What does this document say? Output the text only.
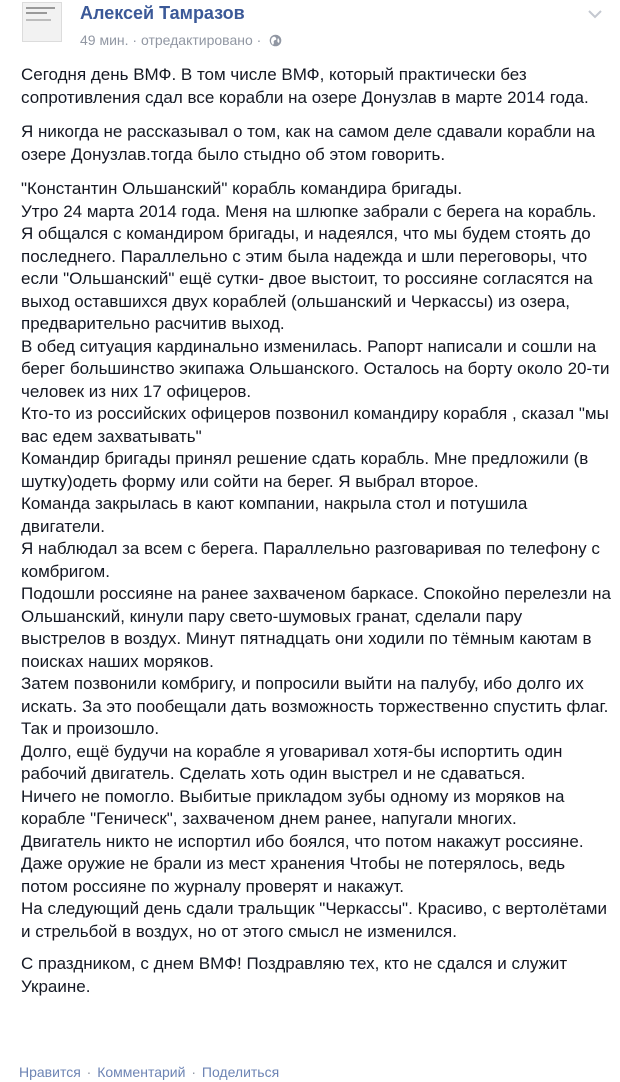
Алексей Тамразов
49 мин. · отредактировано ·

Сегодня день ВМФ. В том числе ВМФ, который практически без сопротивления сдал все корабли на озере Донузлав в марте 2014 года.

Я никогда не рассказывал о том, как на самом деле сдавали корабли на озере Донузлав.тогда было стыдно об этом говорить.

"Константин Ольшанский" корабль командира бригады.
Утро 24 марта 2014 года. Меня на шлюпке забрали с берега на корабль. Я общался с командиром бригады, и надеялся, что мы будем стоять до последнего. Параллельно с этим была надежда и шли переговоры, что если "Ольшанский" ещё сутки- двое выстоит, то россияне согласятся на выход оставшихся двух кораблей (ольшанский и Черкассы) из озера, предварительно расчитив выход.
В обед ситуация кардинально изменилась. Рапорт написали и сошли на берег большинство экипажа Ольшанского. Осталось на борту около 20-ти человек из них 17 офицеров.
Кто-то из российских офицеров позвонил командиру корабля , сказал "мы вас едем захватывать"
Командир бригады принял решение сдать корабль. Мне предложили (в шутку)одеть форму или сойти на берег. Я выбрал второе.
Команда закрылась в кают компании, накрыла стол и потушила двигатели.
Я наблюдал за всем с берега. Параллельно разговаривая по телефону с комбригом.
Подошли россияне на ранее захваченом баркасе. Спокойно перелезли на Ольшанский, кинули пару свето-шумовых гранат, сделали пару выстрелов в воздух. Минут пятнадцать они ходили по тёмным каютам в поисках наших моряков.
Затем позвонили комбригу, и попросили выйти на палубу, ибо долго их искать. За это пообещали дать возможность торжественно спустить флаг. Так и произошло.
Долго, ещё будучи на корабле я уговаривал хотя-бы испортить один рабочий двигатель. Сделать хоть один выстрел и не сдаваться.
Ничего не помогло. Выбитые прикладом зубы одному из моряков на корабле "Геническ", захваченом днем ранее, напугали многих.
Двигатель никто не испортил ибо боялся, что потом накажут россияне.
Даже оружие не брали из мест хранения Чтобы не потерялось, ведь потом россияне по журналу проверят и накажут.
На следующий день сдали тральщик "Черкассы". Красиво, с вертолётами и стрельбой в воздух, но от этого смысл не изменился.

С праздником, с днем ВМФ! Поздравляю тех, кто не сдался и служит Украине.

Нравится · Комментарий · Поделиться
